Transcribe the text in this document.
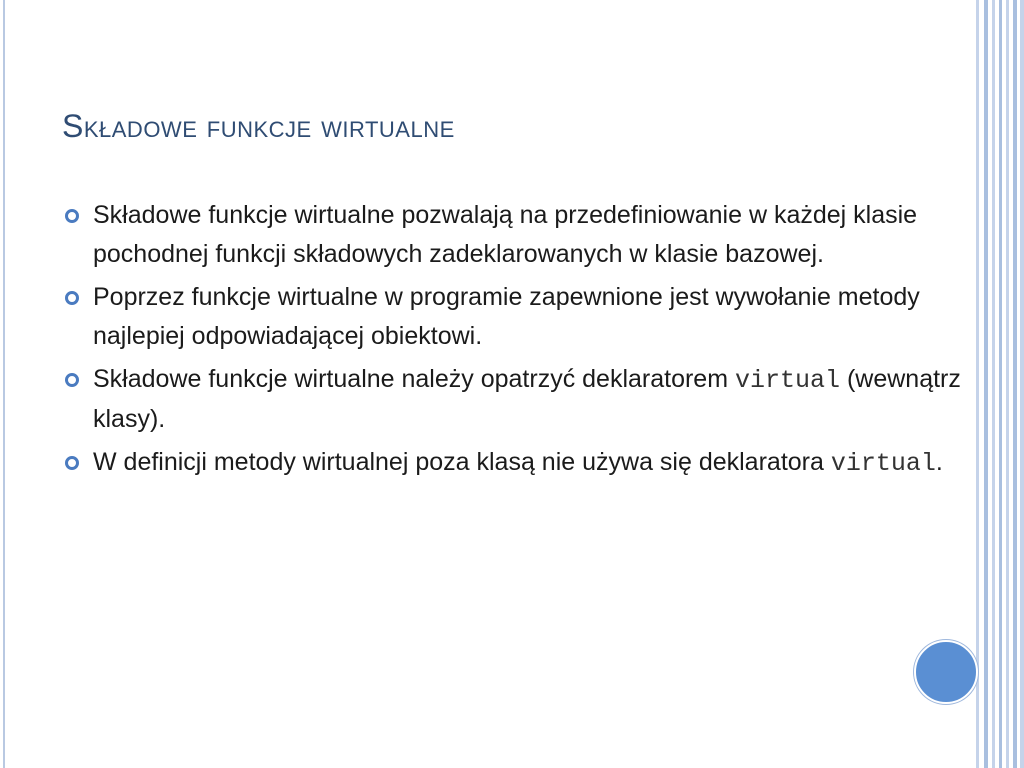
Składowe funkcje wirtualne
Składowe funkcje wirtualne pozwalają na przedefiniowanie w każdej klasie pochodnej funkcji składowych zadeklarowanych w klasie bazowej.
Poprzez funkcje wirtualne w programie zapewnione jest wywołanie metody najlepiej odpowiadającej obiektowi.
Składowe funkcje wirtualne należy opatrzyć deklaratorem virtual (wewnątrz klasy).
W definicji metody wirtualnej poza klasą nie używa się deklaratora virtual.
